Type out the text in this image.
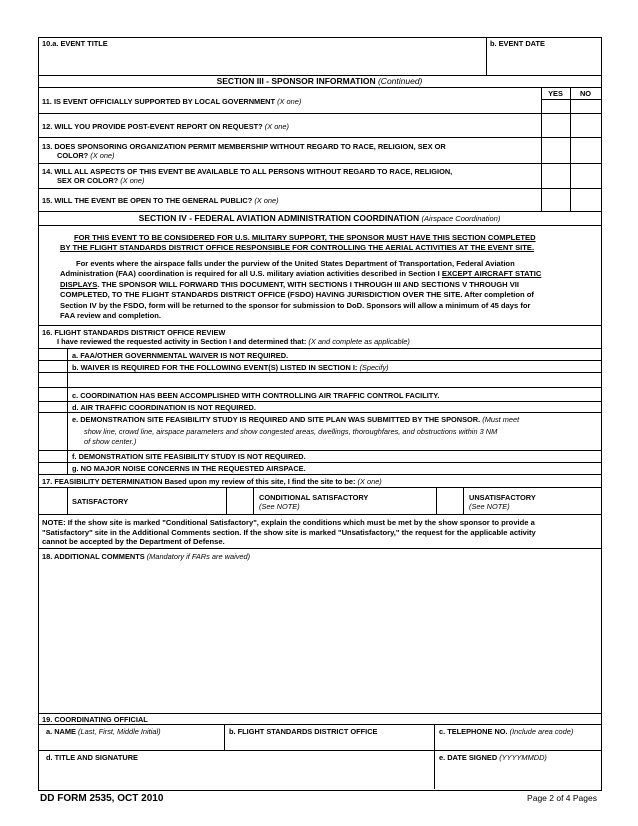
10.a. EVENT TITLE	b. EVENT DATE
SECTION III - SPONSOR INFORMATION (Continued)
YES	NO
11. IS EVENT OFFICIALLY SUPPORTED BY LOCAL GOVERNMENT (X one)
12. WILL YOU PROVIDE POST-EVENT REPORT ON REQUEST? (X one)
13. DOES SPONSORING ORGANIZATION PERMIT MEMBERSHIP WITHOUT REGARD TO RACE, RELIGION, SEX OR
COLOR? (X one)
14. WILL ALL ASPECTS OF THIS EVENT BE AVAILABLE TO ALL PERSONS WITHOUT REGARD TO RACE, RELIGION,
SEX OR COLOR? (X one)
15. WILL THE EVENT BE OPEN TO THE GENERAL PUBLIC? (X one)
SECTION IV - FEDERAL AVIATION ADMINISTRATION COORDINATION (Airspace Coordination)
FOR THIS EVENT TO BE CONSIDERED FOR U.S. MILITARY SUPPORT, THE SPONSOR MUST HAVE THIS SECTION COMPLETED
BY THE FLIGHT STANDARDS DISTRICT OFFICE RESPONSIBLE FOR CONTROLLING THE AERIAL ACTIVITIES AT THE EVENT SITE.
For events where the airspace falls under the purview of the United States Department of Transportation, Federal Aviation
Administration (FAA) coordination is required for all U.S. military aviation activities described in Section I EXCEPT AIRCRAFT STATIC
DISPLAYS. THE SPONSOR WILL FORWARD THIS DOCUMENT, WITH SECTIONS I THROUGH III AND SECTIONS V THROUGH VII
COMPLETED, TO THE FLIGHT STANDARDS DISTRICT OFFICE (FSDO) HAVING JURISDICTION OVER THE SITE. After completion of
Section IV by the FSDO, form will be returned to the sponsor for submission to DoD. Sponsors will allow a minimum of 45 days for
FAA review and completion.
16. FLIGHT STANDARDS DISTRICT OFFICE REVIEW
I have reviewed the requested activity in Section I and determined that: (X and complete as applicable)
a. FAA/OTHER GOVERNMENTAL WAIVER IS NOT REQUIRED.
b. WAIVER IS REQUIRED FOR THE FOLLOWING EVENT(S) LISTED IN SECTION I: (Specify)
c. COORDINATION HAS BEEN ACCOMPLISHED WITH CONTROLLING AIR TRAFFIC CONTROL FACILITY.
d. AIR TRAFFIC COORDINATION IS NOT REQUIRED.
e. DEMONSTRATION SITE FEASIBILITY STUDY IS REQUIRED AND SITE PLAN WAS SUBMITTED BY THE SPONSOR. (Must meet
show line, crowd line, airspace parameters and show congested areas, dwellings, thoroughfares, and obstructions within 3 NM
of show center.)
f. DEMONSTRATION SITE FEASIBILITY STUDY IS NOT REQUIRED.
g. NO MAJOR NOISE CONCERNS IN THE REQUESTED AIRSPACE.
17. FEASIBILITY DETERMINATION Based upon my review of this site, I find the site to be: (X one)
SATISFACTORY	CONDITIONAL SATISFACTORY
(See NOTE)
UNSATISFACTORY
(See NOTE)
NOTE: If the show site is marked "Conditional Satisfactory", explain the conditions which must be met by the show sponsor to provide a
"Satisfactory" site in the Additional Comments section. If the show site is marked "Unsatisfactory," the request for the applicable activity
cannot be accepted by the Department of Defense.
18. ADDITIONAL COMMENTS (Mandatory if FARs are waived)
19. COORDINATING OFFICIAL
a. NAME (Last, First, Middle Initial)	b. FLIGHT STANDARDS DISTRICT OFFICE	c. TELEPHONE NO. (Include area code)
d. TITLE AND SIGNATURE	e. DATE SIGNED (YYYYMMDD)
DD FORM 2535, OCT 2010	Page 2 of 4 Pages
